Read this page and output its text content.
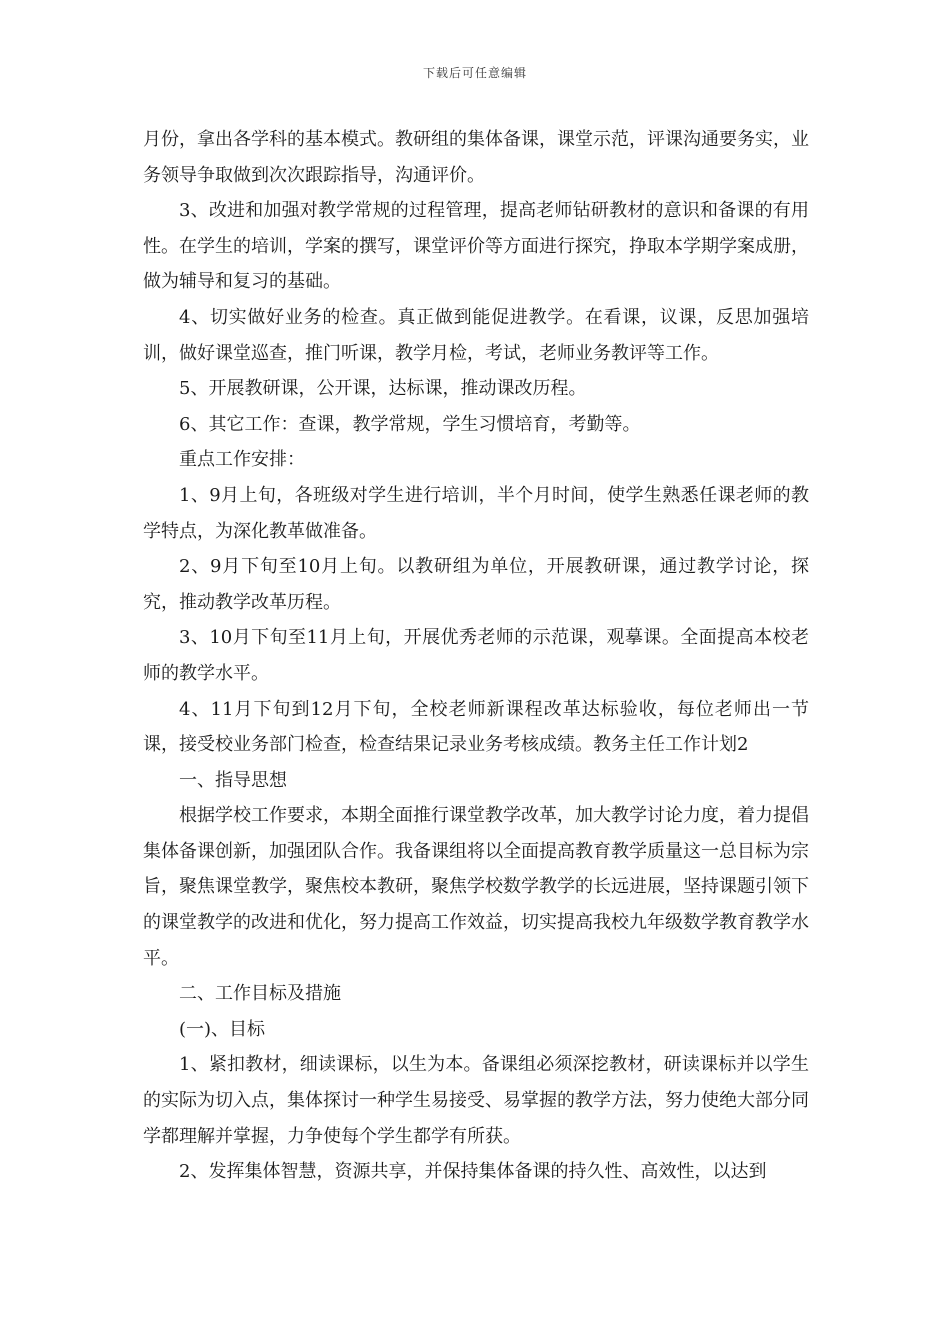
下载后可任意编辑

月份，拿出各学科的基本模式。教研组的集体备课，课堂示范，评课沟通要务实，业务领导争取做到次次跟踪指导，沟通评价。

3、改进和加强对教学常规的过程管理，提高老师钻研教材的意识和备课的有用性。在学生的培训，学案的撰写，课堂评价等方面进行探究，挣取本学期学案成册，做为辅导和复习的基础。

4、切实做好业务的检查。真正做到能促进教学。在看课，议课，反思加强培训，做好课堂巡查，推门听课，教学月检，考试，老师业务教评等工作。

5、开展教研课，公开课，达标课，推动课改历程。

6、其它工作：查课，教学常规，学生习惯培育，考勤等。

重点工作安排：

1、9月上旬，各班级对学生进行培训，半个月时间，使学生熟悉任课老师的教学特点，为深化教革做准备。

2、9月下旬至10月上旬。以教研组为单位，开展教研课，通过教学讨论，探究，推动教学改革历程。

3、10月下旬至11月上旬，开展优秀老师的示范课，观摹课。全面提高本校老师的教学水平。

4、11月下旬到12月下旬，全校老师新课程改革达标验收，每位老师出一节课，接受校业务部门检查，检查结果记录业务考核成绩。教务主任工作计划2

一、指导思想

根据学校工作要求，本期全面推行课堂教学改革，加大教学讨论力度，着力提倡集体备课创新，加强团队合作。我备课组将以全面提高教育教学质量这一总目标为宗旨，聚焦课堂教学，聚焦校本教研，聚焦学校数学教学的长远进展，坚持课题引领下的课堂教学的改进和优化，努力提高工作效益，切实提高我校九年级数学教育教学水平。

二、工作目标及措施

(一)、目标

1、紧扣教材，细读课标，以生为本。备课组必须深挖教材，研读课标并以学生的实际为切入点，集体探讨一种学生易接受、易掌握的教学方法，努力使绝大部分同学都理解并掌握，力争使每个学生都学有所获。

2、发挥集体智慧，资源共享，并保持集体备课的持久性、高效性，以达到
